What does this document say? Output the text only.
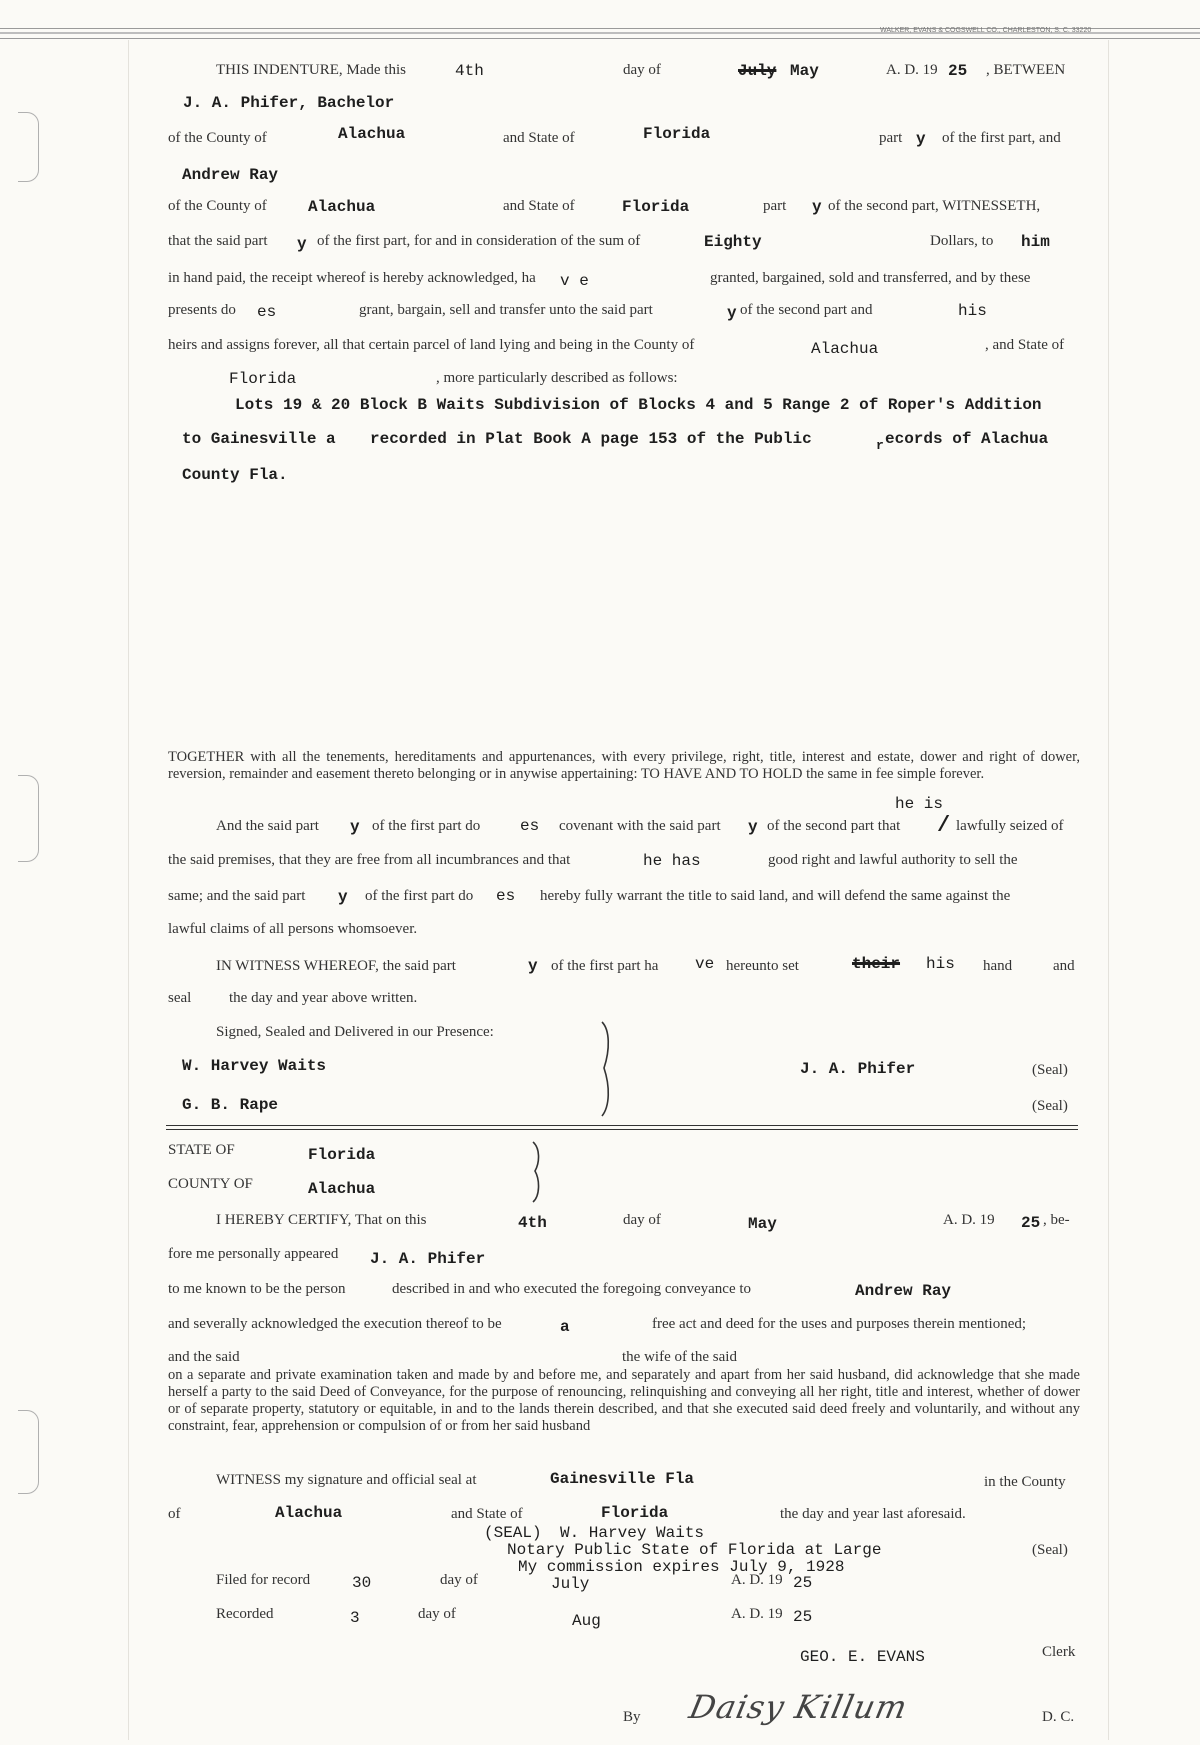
WALKER, EVANS & COGSWELL CO., CHARLESTON, S. C. 33220
THIS INDENTURE, Made this	4th	day of	July May	A. D. 19 25 , BETWEEN
J. A. Phifer, Bachelor
of the County of	Alachua	and State of	Florida	part y of the first part, and
Andrew Ray
of the County of	Alachua	and State of	Florida	part y of the second part, WITNESSETH,
that the said part y of the first part, for and in consideration of the sum of	Eighty	Dollars, to him
in hand paid, the receipt whereof is hereby acknowledged, ha v e	granted, bargained, sold and transferred, and by these
presents do es	grant, bargain, sell and transfer unto the said part	y of the second part and	his
heirs and assigns forever, all that certain parcel of land lying and being in the County of	Alachua	, and State of
Florida	, more particularly described as follows:
Lots 19 & 20 Block B Waits Subdivision of Blocks 4 and 5 Range 2 of Roper's Addition
to Gainesville a recorded in Plat Book A page 153 of the Public	r ecords of Alachua
County Fla.
TOGETHER with all the tenements, hereditaments and appurtenances, with every privilege, right, title, interest and estate, dower and right of dower, reversion, remainder and easement thereto belonging or in anywise appertaining: TO HAVE AND TO HOLD the same in fee simple forever.
he is
And the said part y of the first part do es covenant with the said part y of the second part that / lawfully seized of
the said premises, that they are free from all incumbrances and that	he has	good right and lawful authority to sell the
same; and the said part y of the first part do es hereby fully warrant the title to said land, and will defend the same against the
lawful claims of all persons whomsoever.
IN WITNESS WHEREOF, the said part	y of the first part ha ve hereunto set	their his hand	and
seal	the day and year above written.
Signed, Sealed and Delivered in our Presence:
W. Harvey Waits	J. A. Phifer	(Seal)
G. B. Rape	(Seal)
STATE OF	Florida
COUNTY OF	Alachua
I HEREBY CERTIFY, That on this	4th	day of	May	A. D. 19 25 , be-
fore me personally appeared J. A. Phifer
to me known to be the person	described in and who executed the foregoing conveyance to	Andrew Ray
and severally acknowledged the execution thereof to be	a	free act and deed for the uses and purposes therein mentioned;
and the said	the wife of the said
on a separate and private examination taken and made by and before me, and separately and apart from her said husband, did acknowledge that she made herself a party to the said Deed of Conveyance, for the purpose of renouncing, relinquishing and conveying all her right, title and interest, whether of dower or of separate property, statutory or equitable, in and to the lands therein described, and that she executed said deed freely and voluntarily, and without any constraint, fear, apprehension or compulsion of or from her said husband
WITNESS my signature and official seal at	Gainesville Fla	in the County
of	Alachua	and State of	Florida	the day and year last aforesaid.
(SEAL) W. Harvey Waits
Notary Public State of Florida at Large	(Seal)
My commission expires July 9, 1928
Filed for record	30	day of	July	A. D. 19 25
Recorded	3	day of	Aug	A. D. 19 25
GEO. E. EVANS	Clerk
By Daisy Killum	D. C.
